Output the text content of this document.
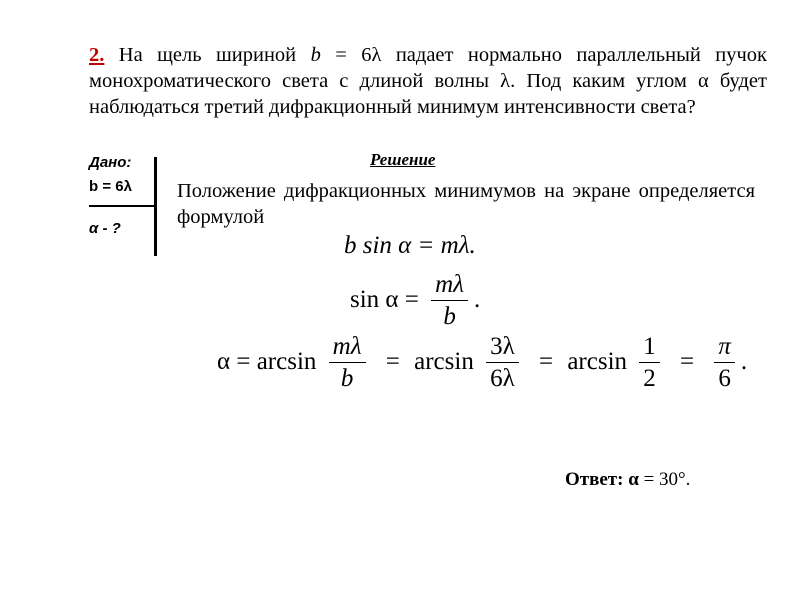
2. На щель шириной b = 6λ падает нормально параллельный пучок монохроматического света с длиной волны λ. Под каким углом α будет наблюдаться третий дифракционный минимум интенсивности света?
Дано:
b = 6λ
α - ?
Решение
Положение дифракционных минимумов на экране определяется формулой
b sin α = mλ.
$\sin \alpha = \frac{m\lambda}{b}$ .
$\alpha = \arcsin \frac{m\lambda}{b} = \arcsin \frac{3\lambda}{6\lambda} = \arcsin \frac{1}{2} = \frac{\pi}{6}$ .
Ответ: α = 30°.
